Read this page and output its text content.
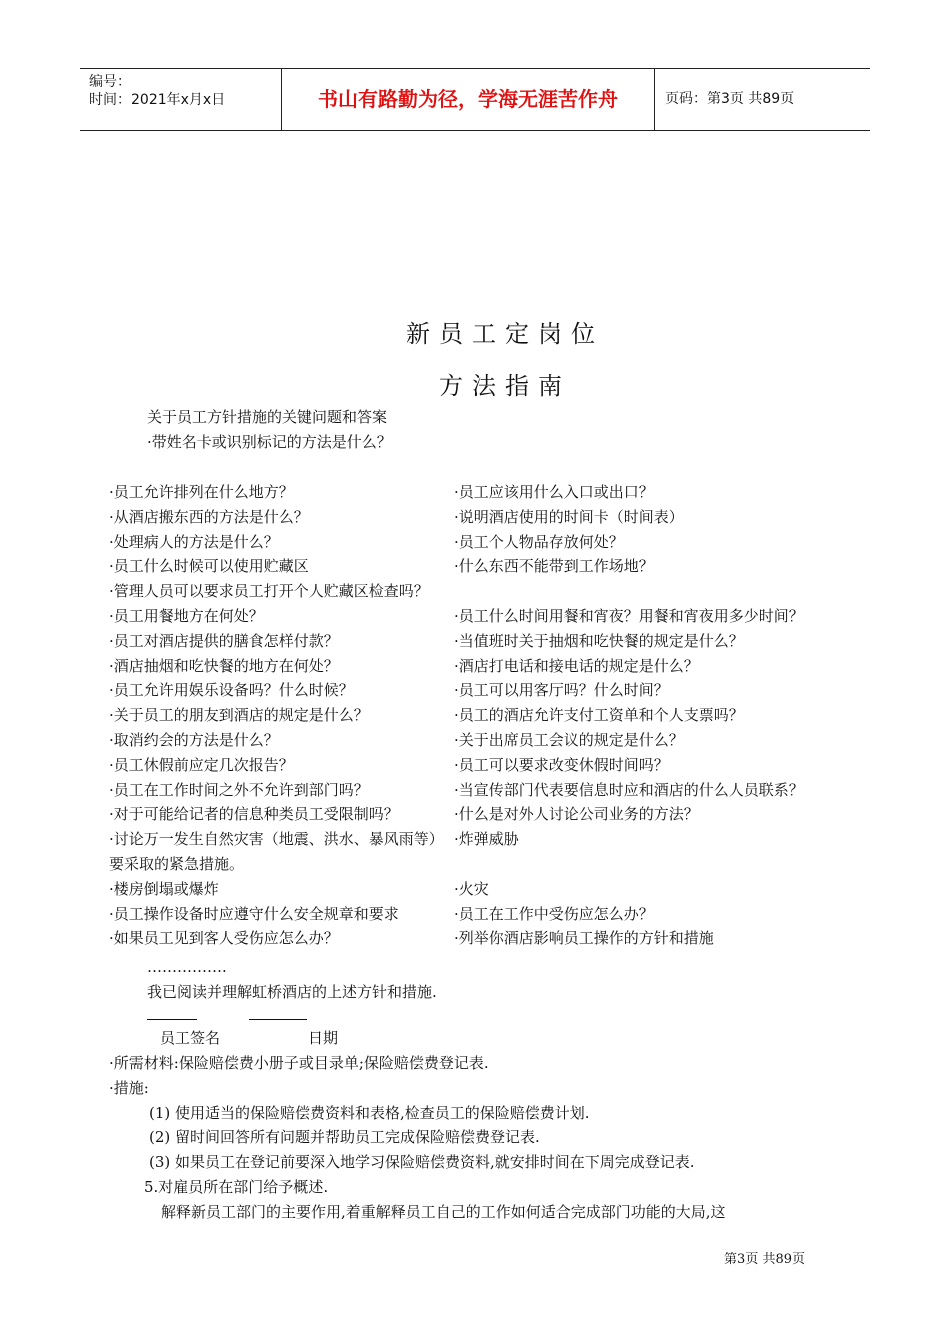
编号：
时间：2021年x月x日	书山有路勤为径，学海无涯苦作舟	页码：第3页 共89页
新员工定岗位
方法指南
关于员工方针措施的关键问题和答案
·带姓名卡或识别标记的方法是什么？
·员工允许排列在什么地方？	·员工应该用什么入口或出口？
·从酒店搬东西的方法是什么？	·说明酒店使用的时间卡（时间表）
·处理病人的方法是什么？	·员工个人物品存放何处？
·员工什么时候可以使用贮藏区	·什么东西不能带到工作场地？
·管理人员可以要求员工打开个人贮藏区检查吗？
·员工用餐地方在何处？	·员工什么时间用餐和宵夜？用餐和宵夜用多少时间？
·员工对酒店提供的膳食怎样付款？	·当值班时关于抽烟和吃快餐的规定是什么？
·酒店抽烟和吃快餐的地方在何处？	·酒店打电话和接电话的规定是什么？
·员工允许用娱乐设备吗？什么时候？	·员工可以用客厅吗？什么时间？
·关于员工的朋友到酒店的规定是什么？	·员工的酒店允许支付工资单和个人支票吗？
·取消约会的方法是什么？	·关于出席员工会议的规定是什么？
·员工休假前应定几次报告？	·员工可以要求改变休假时间吗？
·员工在工作时间之外不允许到部门吗？	·当宣传部门代表要信息时应和酒店的什么人员联系？
·对于可能给记者的信息种类员工受限制吗？	·什么是对外人讨论公司业务的方法？
·讨论万一发生自然灾害（地震、洪水、暴风雨等）要采取的紧急措施。
·炸弹威胁
·楼房倒塌或爆炸	·火灾
·员工操作设备时应遵守什么安全规章和要求	·员工在工作中受伤应怎么办？
·如果员工见到客人受伤应怎么办？	·列举你酒店影响员工操作的方针和措施
…………….
我已阅读并理解虹桥酒店的上述方针和措施.
员工签名	日期
·所需材料:保险赔偿费小册子或目录单;保险赔偿费登记表.
·措施:
(1) 使用适当的保险赔偿费资料和表格,检查员工的保险赔偿费计划.
(2) 留时间回答所有问题并帮助员工完成保险赔偿费登记表.
(3) 如果员工在登记前要深入地学习保险赔偿费资料,就安排时间在下周完成登记表.
5.对雇员所在部门给予概述.
解释新员工部门的主要作用,着重解释员工自己的工作如何适合完成部门功能的大局,这
第3页 共89页
